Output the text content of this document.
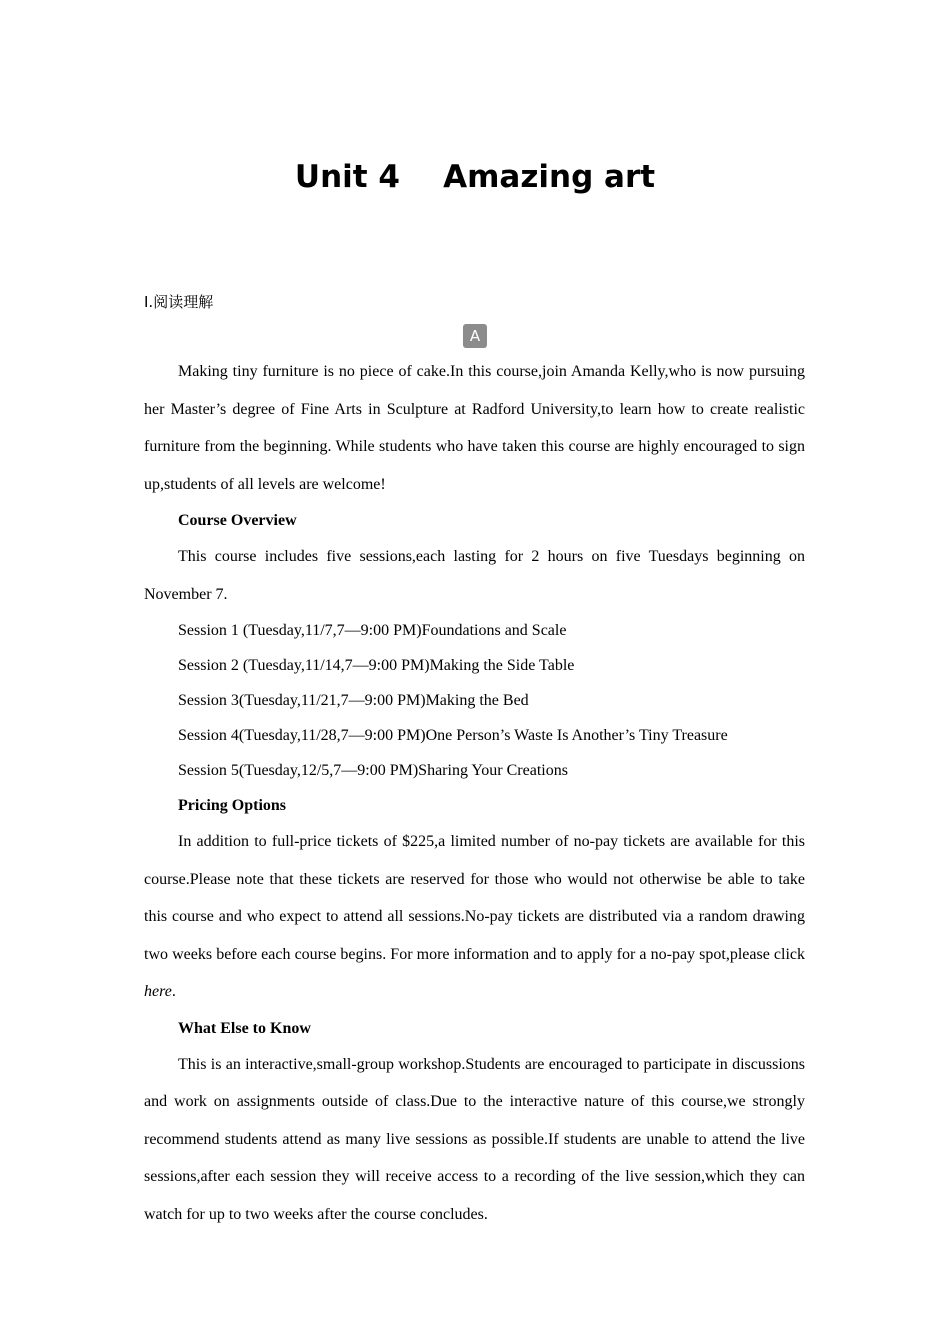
Unit 4    Amazing art
Ⅰ.阅读理解
A

Making tiny furniture is no piece of cake.In this course,join Amanda Kelly,who is now pursuing her Master’s degree of Fine Arts in Sculpture at Radford University,to learn how to create realistic furniture from the beginning. While students who have taken this course are highly encouraged to sign up,students of all levels are welcome!

Course Overview

This course includes five sessions,each lasting for 2 hours on five Tuesdays beginning on November 7.

Session 1 (Tuesday,11/7,7—9:00 PM)Foundations and Scale

Session 2 (Tuesday,11/14,7—9:00 PM)Making the Side Table

Session 3(Tuesday,11/21,7—9:00 PM)Making the Bed

Session 4(Tuesday,11/28,7—9:00 PM)One Person’s Waste Is Another’s Tiny Treasure

Session 5(Tuesday,12/5,7—9:00 PM)Sharing Your Creations

Pricing Options

In addition to full-price tickets of $225,a limited number of no-pay tickets are available for this course.Please note that these tickets are reserved for those who would not otherwise be able to take this course and who expect to attend all sessions.No-pay tickets are distributed via a random drawing two weeks before each course begins. For more information and to apply for a no-pay spot,please click here.

What Else to Know

This is an interactive,small-group workshop.Students are encouraged to participate in discussions and work on assignments outside of class.Due to the interactive nature of this course,we strongly recommend students attend as many live sessions as possible.If students are unable to attend the live sessions,after each session they will receive access to a recording of the live session,which they can watch for up to two weeks after the course concludes.
